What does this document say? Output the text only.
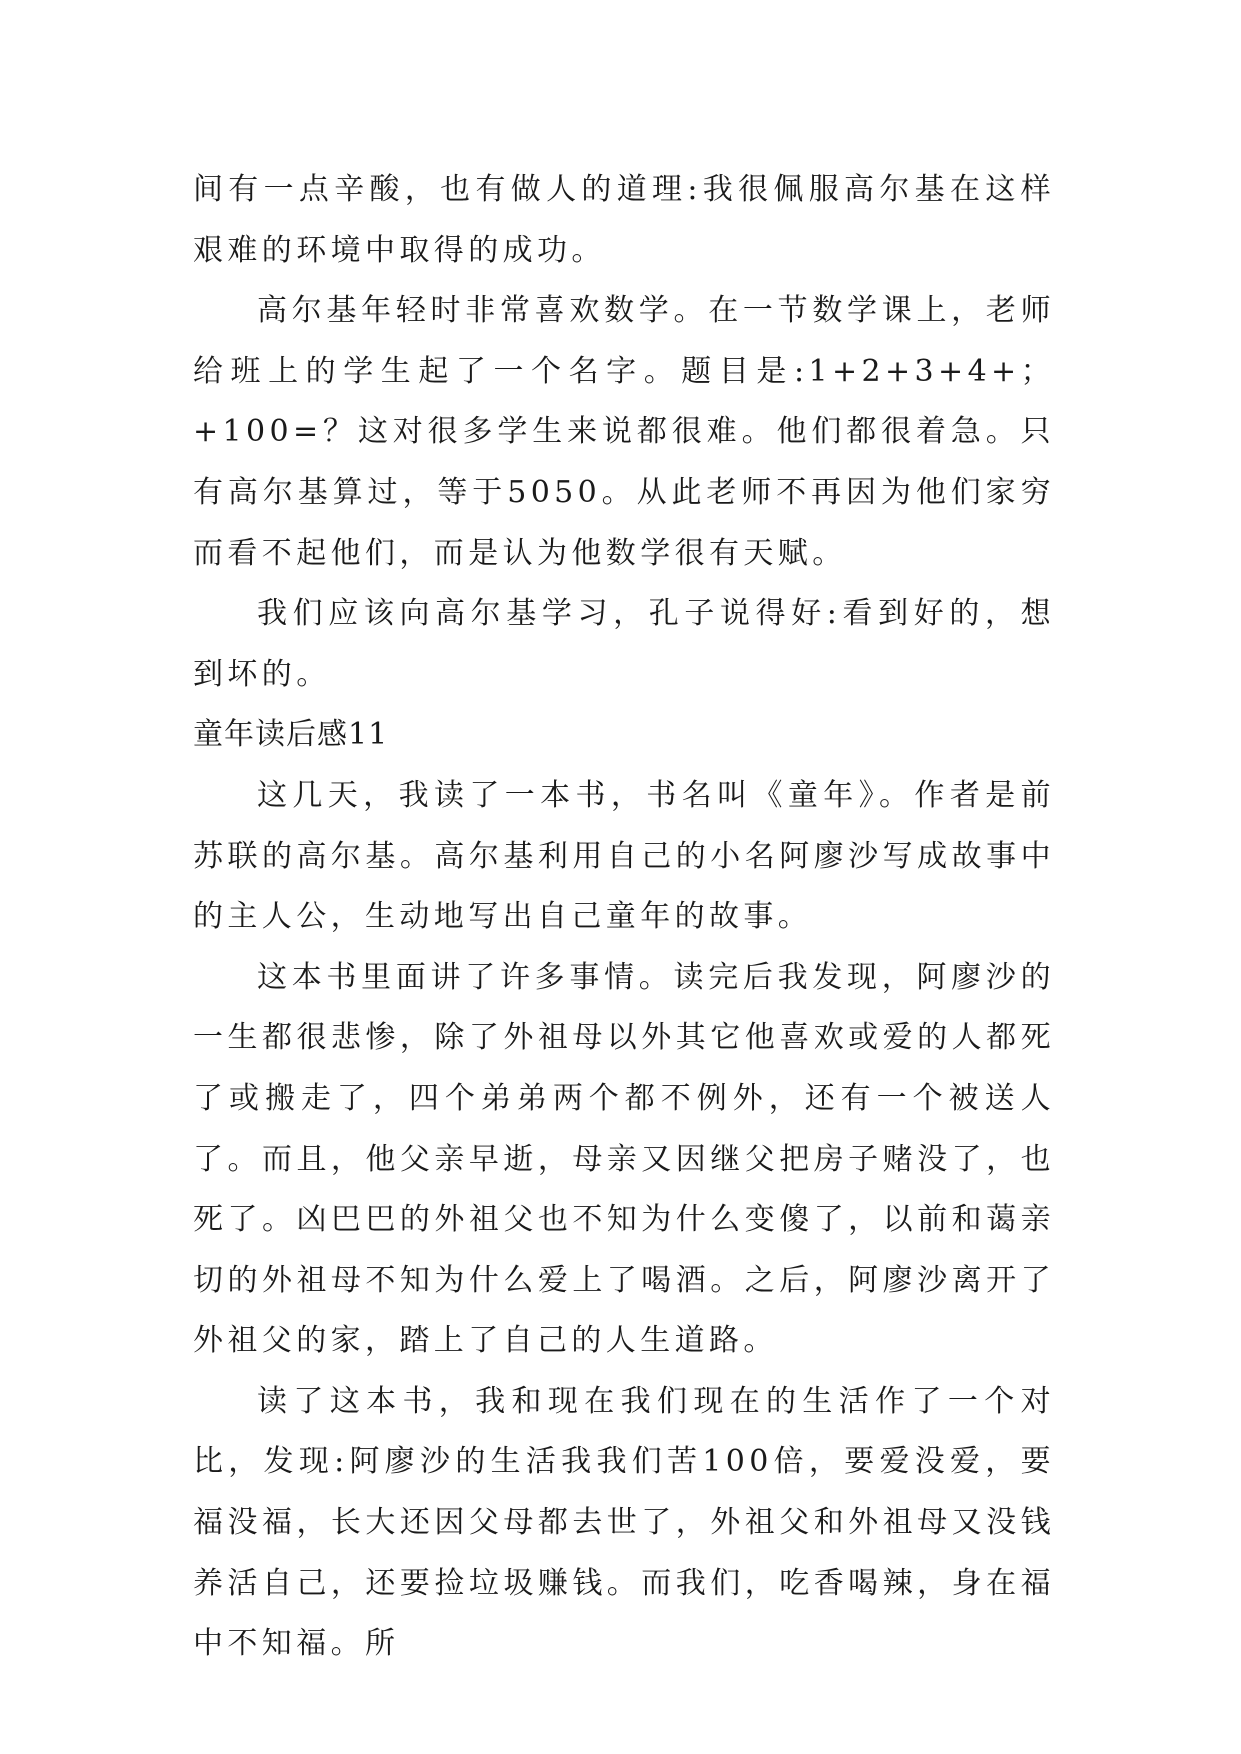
间有一点辛酸，也有做人的道理:我很佩服高尔基在这样艰难的环境中取得的成功。

高尔基年轻时非常喜欢数学。在一节数学课上，老师给班上的学生起了一个名字。题目是:1+2+3+4+；+100=？这对很多学生来说都很难。他们都很着急。只有高尔基算过，等于5050。从此老师不再因为他们家穷而看不起他们，而是认为他数学很有天赋。

我们应该向高尔基学习，孔子说得好:看到好的，想到坏的。

童年读后感11

这几天，我读了一本书，书名叫《童年》。作者是前苏联的高尔基。高尔基利用自己的小名阿廖沙写成故事中的主人公，生动地写出自己童年的故事。

这本书里面讲了许多事情。读完后我发现，阿廖沙的一生都很悲惨，除了外祖母以外其它他喜欢或爱的人都死了或搬走了，四个弟弟两个都不例外，还有一个被送人了。而且，他父亲早逝，母亲又因继父把房子赌没了，也死了。凶巴巴的外祖父也不知为什么变傻了，以前和蔼亲切的外祖母不知为什么爱上了喝酒。之后，阿廖沙离开了外祖父的家，踏上了自己的人生道路。

读了这本书，我和现在我们现在的生活作了一个对比，发现:阿廖沙的生活我我们苦100倍，要爱没爱，要福没福，长大还因父母都去世了，外祖父和外祖母又没钱养活自己，还要捡垃圾赚钱。而我们，吃香喝辣，身在福中不知福。所
